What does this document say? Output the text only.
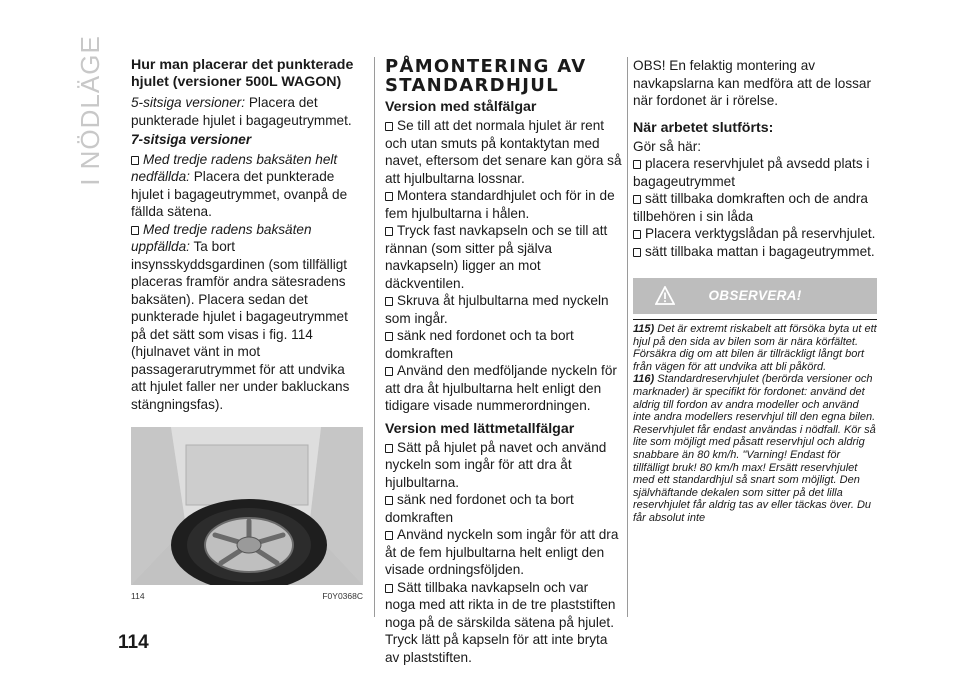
I NÖDLÄGE Hur man placerar det punkterade hjulet (versioner 500L WAGON)

5-sitsiga versioner: Placera det punkterade hjulet i bagageutrymmet.

7-sitsiga versioner

Med tredje radens baksäten helt nedfällda: Placera det punkterade hjulet i bagageutrymmet, ovanpå de fällda sätena.

Med tredje radens baksäten uppfällda: Ta bort insynsskyddsgardinen (som tillfälligt placeras framför andra sätesradens baksäten). Placera sedan det punkterade hjulet i bagageutrymmet på det sätt som visas i fig. 114 (hjulnavet vänt in mot passagerarutrymmet för att undvika att hjulet faller ner under bakluckans stängningsfas).

114	F0Y0368C

PÅMONTERING AV STANDARDHJUL

Version med stålfälgar

Se till att det normala hjulet är rent och utan smuts på kontaktytan med navet, eftersom det senare kan göra så att hjulbultarna lossnar.

Montera standardhjulet och för in de fem hjulbultarna i hålen.

Tryck fast navkapseln och se till att rännan (som sitter på själva navkapseln) ligger an mot däckventilen.

Skruva åt hjulbultarna med nyckeln som ingår.

sänk ned fordonet och ta bort domkraften

Använd den medföljande nyckeln för att dra åt hjulbultarna helt enligt den tidigare visade nummerordningen.

Version med lättmetallfälgar

Sätt på hjulet på navet och använd nyckeln som ingår för att dra åt hjulbultarna.

sänk ned fordonet och ta bort domkraften

Använd nyckeln som ingår för att dra åt de fem hjulbultarna helt enligt den visade ordningsföljden.

Sätt tillbaka navkapseln och var noga med att rikta in de tre plaststiften noga på de särskilda sätena på hjulet. Tryck lätt på kapseln för att inte bryta av plaststiften.

OBS! En felaktig montering av navkapslarna kan medföra att de lossar när fordonet är i rörelse.

När arbetet slutförts:

Gör så här:

placera reservhjulet på avsedd plats i bagageutrymmet

sätt tillbaka domkraften och de andra tillbehören i sin låda

Placera verktygslådan på reservhjulet.

sätt tillbaka mattan i bagageutrymmet.

OBSERVERA!

115) Det är extremt riskabelt att försöka byta ut ett hjul på den sida av bilen som är nära körfältet. Försäkra dig om att bilen är tillräckligt långt bort från vägen för att undvika att bli påkörd.

116) Standardreservhjulet (berörda versioner och marknader) är specifikt för fordonet: använd det aldrig till fordon av andra modeller och använd inte andra modellers reservhjul till den egna bilen. Reservhjulet får endast användas i nödfall. Kör så lite som möjligt med påsatt reservhjul och aldrig snabbare än 80 km/h. "Varning! Endast för tillfälligt bruk! 80 km/h max! Ersätt reservhjulet med ett standardhjul så snart som möjligt. Den självhäftande dekalen som sitter på det lilla reservhjulet får aldrig tas av eller täckas över. Du får absolut inte

114
